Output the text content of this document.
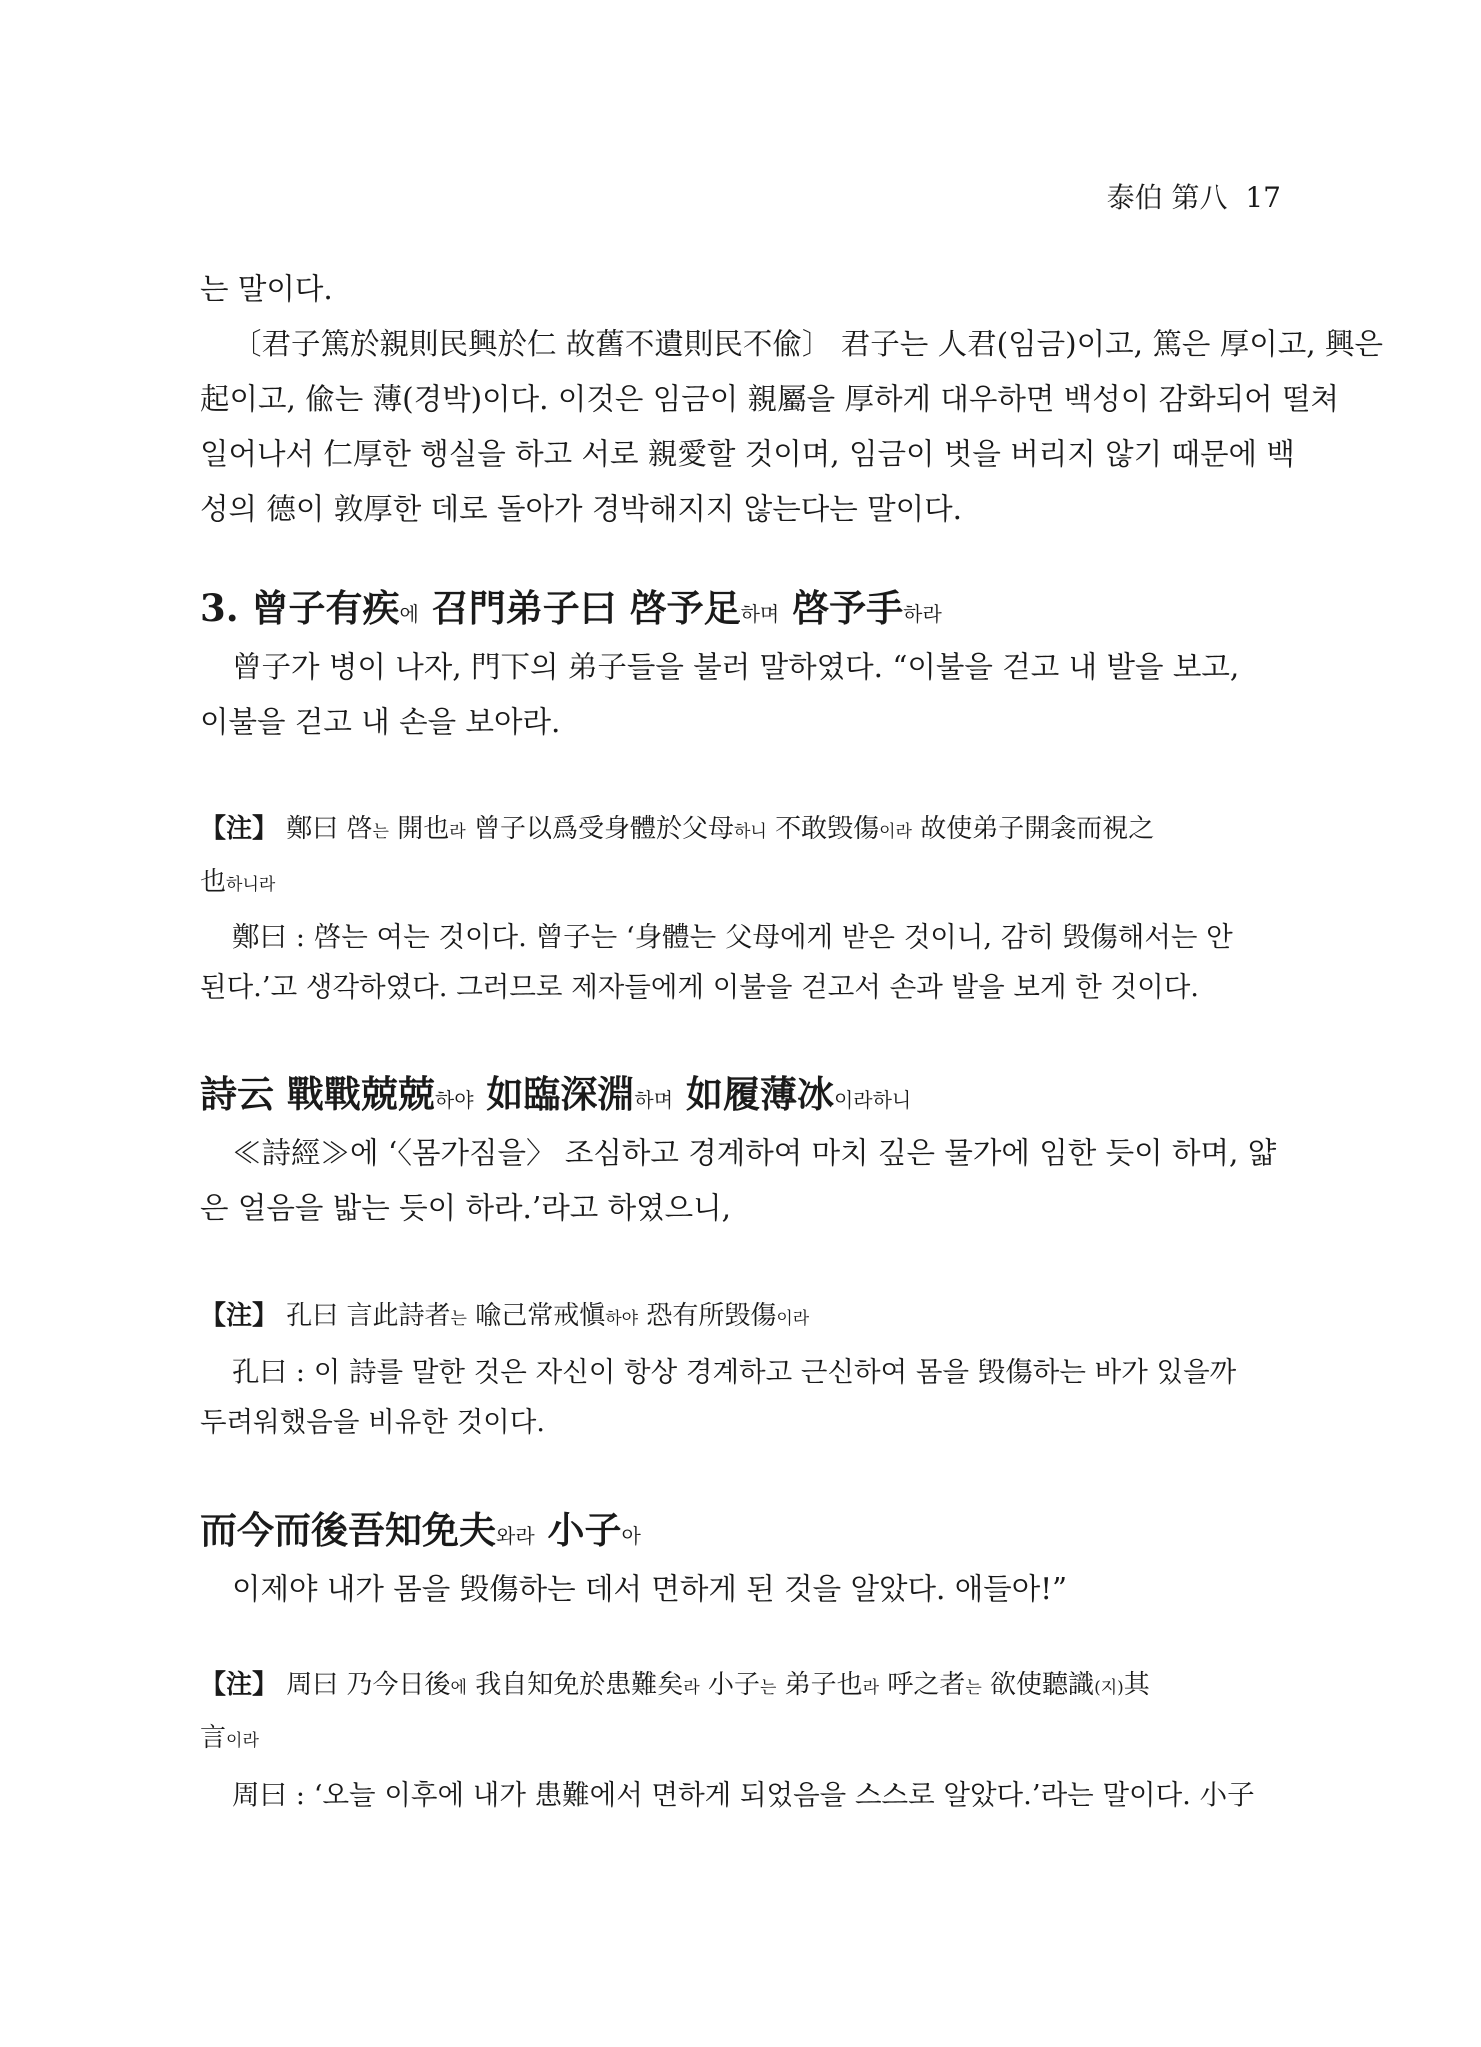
泰伯 第八 17

는 말이다.

〔君子篤於親則民興於仁 故舊不遺則民不偸〕 君子는 人君(임금)이고, 篤은 厚이고, 興은

起이고, 偸는 薄(경박)이다. 이것은 임금이 親屬을 厚하게 대우하면 백성이 감화되어 떨쳐

일어나서 仁厚한 행실을 하고 서로 親愛할 것이며, 임금이 벗을 버리지 않기 때문에 백

성의 德이 敦厚한 데로 돌아가 경박해지지 않는다는 말이다.

3. 曾子有疾에 召門弟子曰 啓予足하며 啓予手하라

曾子가 병이 나자, 門下의 弟子들을 불러 말하였다. “이불을 걷고 내 발을 보고,

이불을 걷고 내 손을 보아라.

【注】 鄭曰 啓는 開也라 曾子以爲受身體於父母하니 不敢毁傷이라 故使弟子開衾而視之

也하니라

鄭曰 : 啓는 여는 것이다. 曾子는 ‘身體는 父母에게 받은 것이니, 감히 毁傷해서는 안

된다.’고 생각하였다. 그러므로 제자들에게 이불을 걷고서 손과 발을 보게 한 것이다.

詩云 戰戰兢兢하야 如臨深淵하며 如履薄冰이라하니

≪詩經≫에 ‘〈몸가짐을〉 조심하고 경계하여 마치 깊은 물가에 임한 듯이 하며, 얇

은 얼음을 밟는 듯이 하라.’라고 하였으니,

【注】 孔曰 言此詩者는 喩己常戒愼하야 恐有所毁傷이라

孔曰 : 이 詩를 말한 것은 자신이 항상 경계하고 근신하여 몸을 毁傷하는 바가 있을까

두려워했음을 비유한 것이다.

而今而後吾知免夫와라 小子아

이제야 내가 몸을 毁傷하는 데서 면하게 된 것을 알았다. 애들아!”

【注】 周曰 乃今日後에 我自知免於患難矣라 小子는 弟子也라 呼之者는 欲使聽識(지)其

言이라

周曰 : ‘오늘 이후에 내가 患難에서 면하게 되었음을 스스로 알았다.’라는 말이다. 小子
